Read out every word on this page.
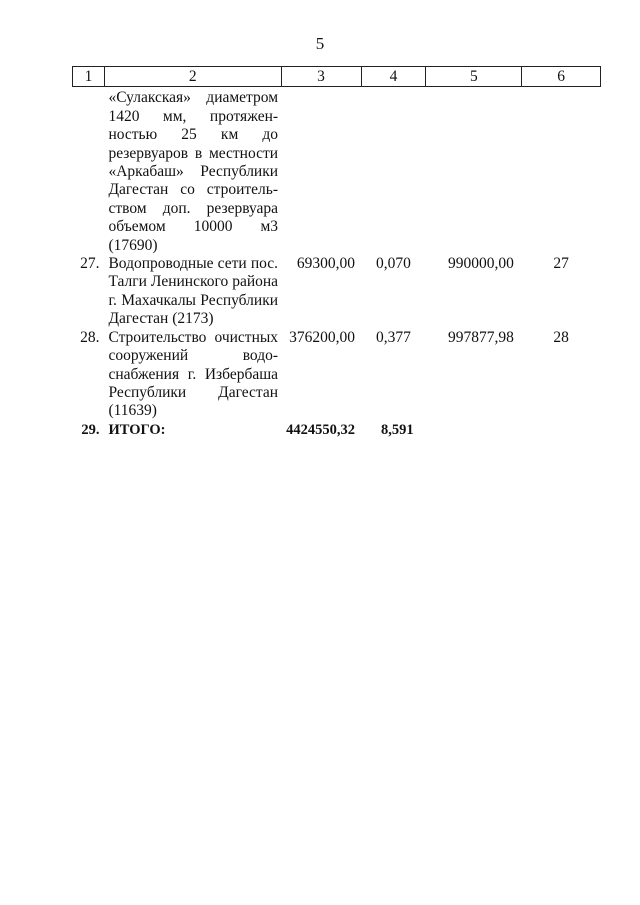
5
1	2	3	4	5	6
	«Сулакская» диаметром 1420 мм, протяженностью 25 км до резервуаров в местности «Аркабаш» Республики Дагестан со строительством доп. резервуара объемом 10000 м3 (17690)				
27.	Водопроводные сети пос. Талги Ленинского района г. Махачкалы Республики Дагестан (2173)	69300,00	0,070	990000,00	27
28.	Строительство очистных сооружений водоснабжения г. Избербаша Республики Дагестан (11639)	376200,00	0,377	997877,98	28
29.	ИТОГО:	4424550,32	8,591		
